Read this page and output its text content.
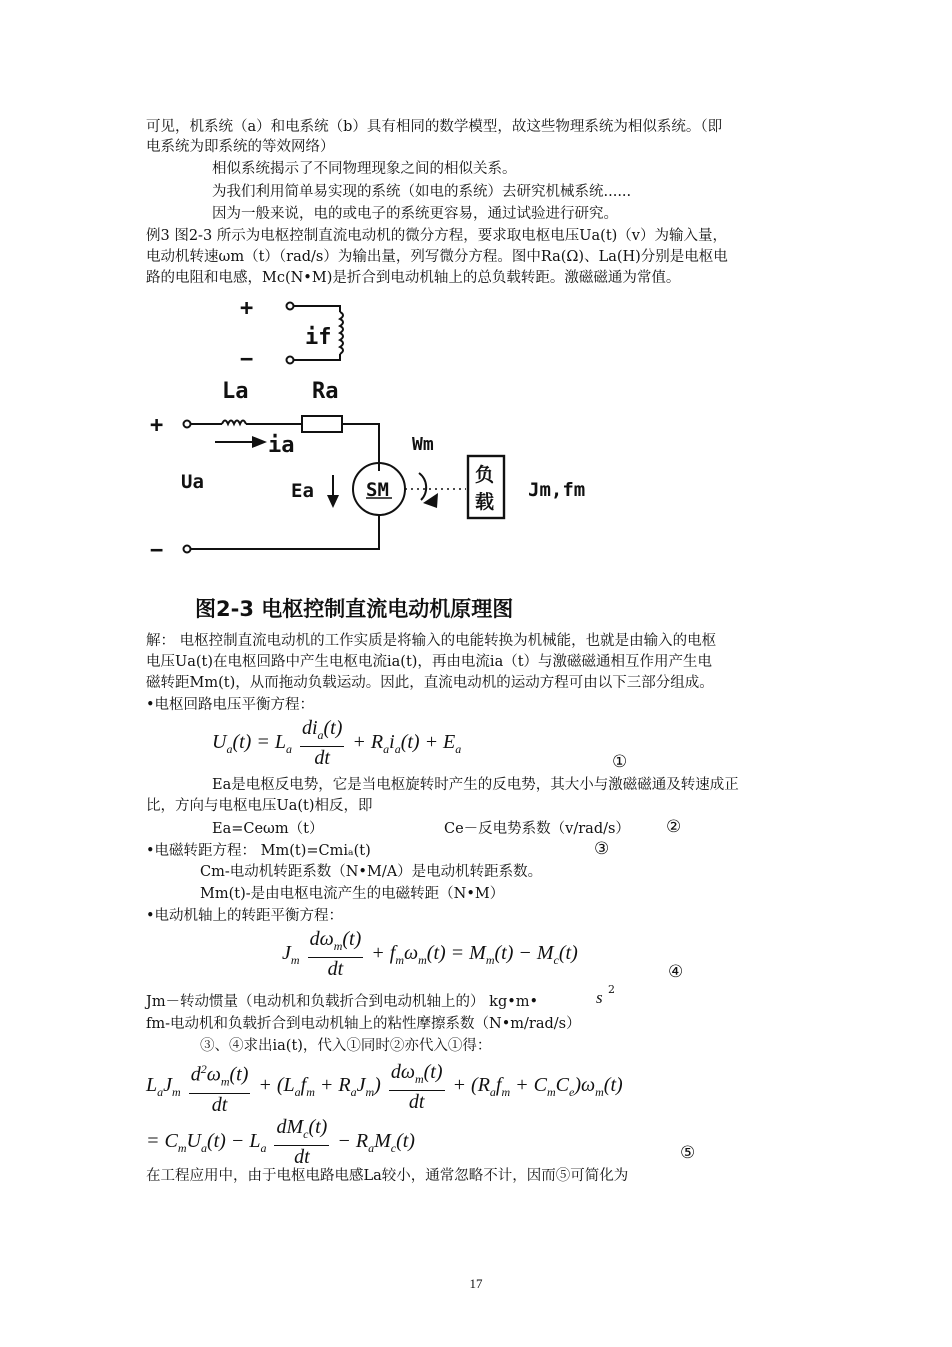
可见，机系统（a）和电系统（b）具有相同的数学模型，故这些物理系统为相似系统。（即
电系统为即系统的等效网络）
相似系统揭示了不同物理现象之间的相似关系。
为我们利用简单易实现的系统（如电的系统）去研究机械系统......
因为一般来说，电的或电子的系统更容易，通过试验进行研究。
例3 图2-3 所示为电枢控制直流电动机的微分方程，要求取电枢电压Ua(t)（v）为输入量，
电动机转速ωm（t）（rad/s）为输出量，列写微分方程。图中Ra(Ω)、La(H)分别是电枢电
路的电阻和电感，Mc(N•M)是折合到电动机轴上的总负载转距。激磁磁通为常值。
+
−
if
La	Ra
+
ia	Wm
Ua	Ea	SM	Jm,fm
−
负
载
图2-3 电枢控制直流电动机原理图
解： 电枢控制直流电动机的工作实质是将输入的电能转换为机械能，也就是由输入的电枢
电压Ua(t)在电枢回路中产生电枢电流ia(t)，再由电流ia（t）与激磁磁通相互作用产生电
磁转距Mm(t)，从而拖动负载运动。因此，直流电动机的运动方程可由以下三部分组成。
•电枢回路电压平衡方程：
$U_a(t) = L_a \frac{di_a(t)}{dt} + R_ai_a(t) + E_a$
①
Ea是电枢反电势，它是当电枢旋转时产生的反电势，其大小与激磁磁通及转速成正
比，方向与电枢电压Ua(t)相反，即
Ea=Ceωm（t）	Ce－反电势系数（v/rad/s） ②
•电磁转距方程： Mm(t)=Cmiₐ(t)	③
Cm-电动机转距系数（N•M/A）是电动机转距系数。
Mm(t)-是由电枢电流产生的电磁转距（N•M）
•电动机轴上的转距平衡方程：
$J_m \frac{d\omega_m(t)}{dt} + f_m\omega_m(t) = M_m(t) - M_c(t)$
④
Jm－转动惯量（电动机和负载折合到电动机轴上的） kg•m•	s 2
fm-电动机和负载折合到电动机轴上的粘性摩擦系数（N•m/rad/s）
③、④求出ia(t)，代入①同时②亦代入①得：
$L_aJ_m \frac{d^2\omega_m(t)}{dt} + (L_af_m + R_aJ_m) \frac{d\omega_m(t)}{dt} + (R_af_m + C_mC_e)\omega_m(t)$
= $C_mU_a(t) - L_a \frac{dM_c(t)}{dt} - R_aM_c(t)$
⑤
在工程应用中，由于电枢电路电感La较小，通常忽略不计，因而⑤可简化为
17
